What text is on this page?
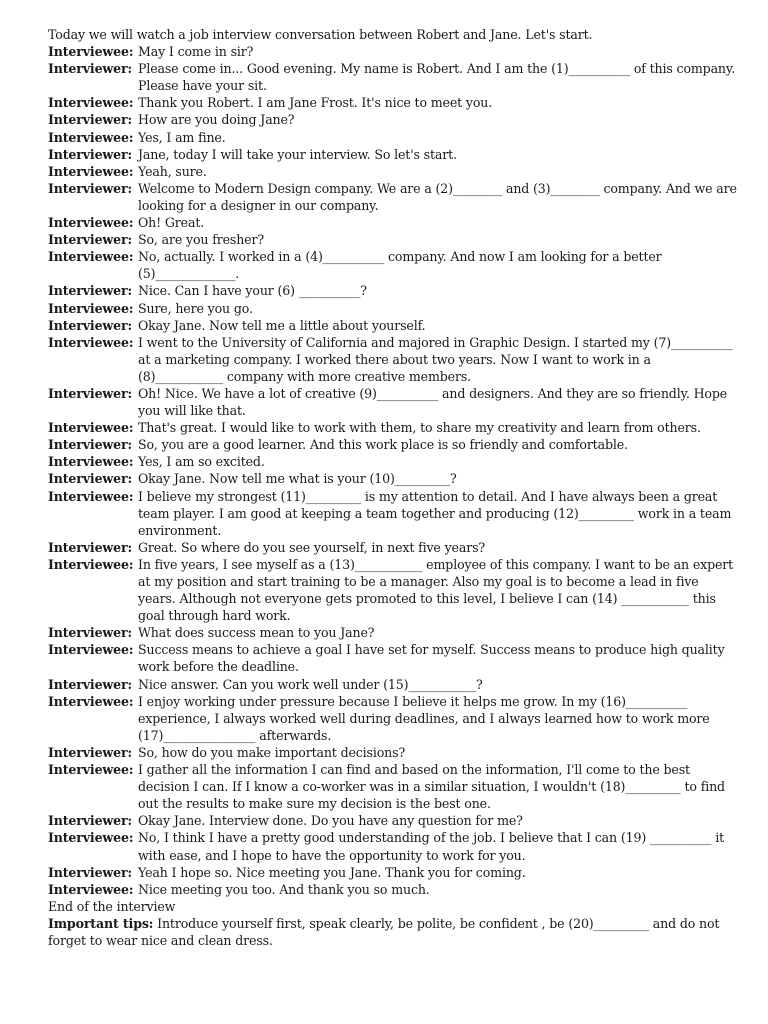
Today we will watch a job interview conversation between Robert and Jane. Let's start.

Interviewee: May I come in sir?

Interviewer: Please come in... Good evening. My name is Robert. And I am the (1)__________ of this company. Please have your sit.

Interviewee: Thank you Robert. I am Jane Frost. It's nice to meet you.

Interviewer: How are you doing Jane?

Interviewee: Yes, I am fine.

Interviewer: Jane, today I will take your interview. So let's start.

Interviewee: Yeah, sure.

Interviewer: Welcome to Modern Design company. We are a (2)________ and (3)________ company. And we are looking for a designer in our company.

Interviewee: Oh! Great.

Interviewer: So, are you fresher?

Interviewee: No, actually. I worked in a (4)__________ company. And now I am looking for a better (5)_____________.

Interviewer: Nice. Can I have your (6) __________?

Interviewee: Sure, here you go.

Interviewer: Okay Jane. Now tell me a little about yourself.

Interviewee: I went to the University of California and majored in Graphic Design. I started my (7)__________ at a marketing company. I worked there about two years. Now I want to work in a (8)___________ company with more creative members.

Interviewer: Oh! Nice. We have a lot of creative (9)__________ and designers. And they are so friendly. Hope you will like that.

Interviewee: That's great. I would like to work with them, to share my creativity and learn from others.

Interviewer: So, you are a good learner. And this work place is so friendly and comfortable.

Interviewee: Yes, I am so excited.

Interviewer: Okay Jane. Now tell me what is your (10)_________?

Interviewee: I believe my strongest (11)_________ is my attention to detail. And I have always been a great team player. I am good at keeping a team together and producing (12)_________ work in a team environment.

Interviewer: Great. So where do you see yourself, in next five years?

Interviewee: In five years, I see myself as a (13)___________ employee of this company. I want to be an expert at my position and start training to be a manager. Also my goal is to become a lead in five years. Although not everyone gets promoted to this level, I believe I can (14) ___________ this goal through hard work.

Interviewer: What does success mean to you Jane?

Interviewee: Success means to achieve a goal I have set for myself. Success means to produce high quality work before the deadline.

Interviewer: Nice answer. Can you work well under (15)___________?

Interviewee: I enjoy working under pressure because I believe it helps me grow. In my (16)__________ experience, I always worked well during deadlines, and I always learned how to work more (17)_______________ afterwards.

Interviewer: So, how do you make important decisions?

Interviewee: I gather all the information I can find and based on the information, I'll come to the best decision I can. If I know a co-worker was in a similar situation, I wouldn't (18)_________ to find out the results to make sure my decision is the best one.

Interviewer: Okay Jane. Interview done. Do you have any question for me?

Interviewee: No, I think I have a pretty good understanding of the job. I believe that I can (19) __________ it with ease, and I hope to have the opportunity to work for you.

Interviewer: Yeah I hope so. Nice meeting you Jane. Thank you for coming.

Interviewee: Nice meeting you too. And thank you so much.

End of the interview

Important tips: Introduce yourself first, speak clearly, be polite, be confident , be (20)_________ and do not forget to wear nice and clean dress.
